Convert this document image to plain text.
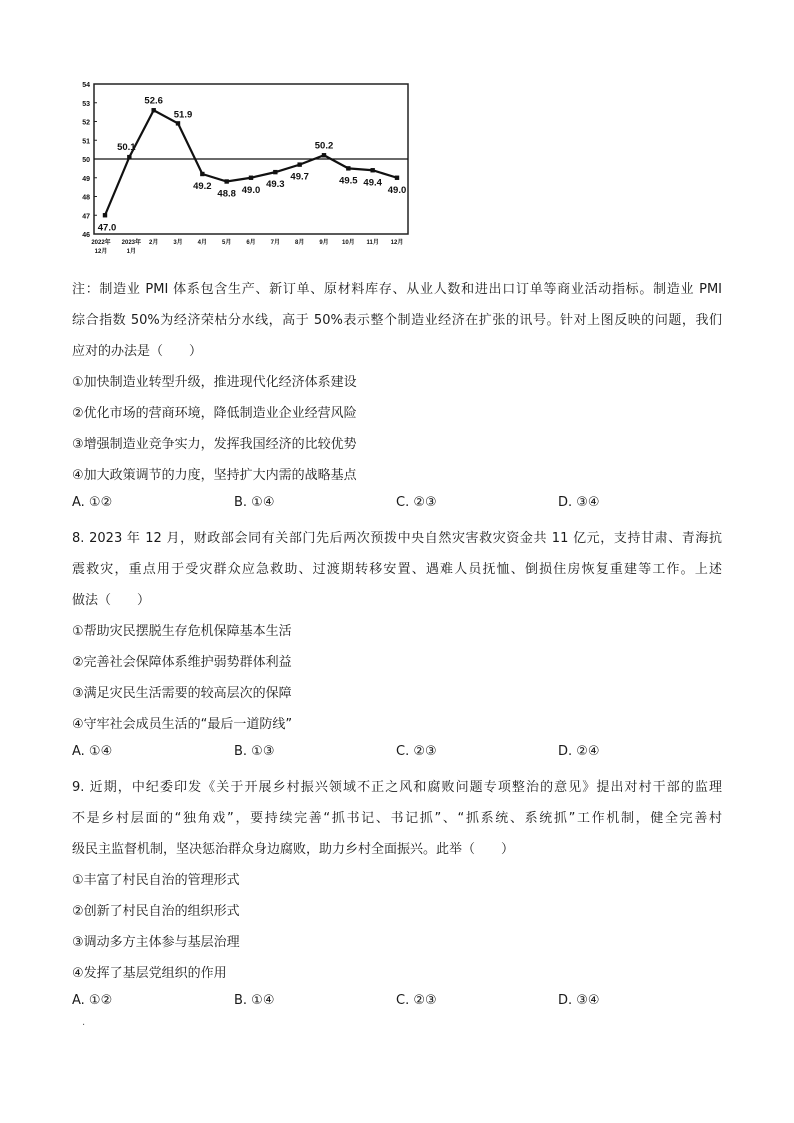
54
53
52
51
50
49
48
47
46
47.0
50.1
52.6
51.9
49.2
48.8 49.0
49.3
49.7
50.2
49.5 49.4
49.0
2022年 2023年 2月 3月 4月 5月 6月 7月 8月 9月 10月 11月 12月
12月	1月
注：制造业 PMI 体系包含生产、新订单、原材料库存、从业人数和进出口订单等商业活动指标。制造业 PMI
综合指数 50%为经济荣枯分水线，高于 50%表示整个制造业经济在扩张的讯号。针对上图反映的问题，我们
应对的办法是（　　）
①加快制造业转型升级，推进现代化经济体系建设
②优化市场的营商环境，降低制造业企业经营风险
③增强制造业竞争实力，发挥我国经济的比较优势
④加大政策调节的力度，坚持扩大内需的战略基点
A. ①②	B. ①④	C. ②③	D. ③④
8. 2023 年 12 月，财政部会同有关部门先后两次预拨中央自然灾害救灾资金共 11 亿元，支持甘肃、青海抗
震救灾，重点用于受灾群众应急救助、过渡期转移安置、遇难人员抚恤、倒损住房恢复重建等工作。上述
做法（　　）
①帮助灾民摆脱生存危机保障基本生活
②完善社会保障体系维护弱势群体利益
③满足灾民生活需要的较高层次的保障
④守牢社会成员生活的“最后一道防线”
A. ①④	B. ①③	C. ②③	D. ②④
9. 近期，中纪委印发《关于开展乡村振兴领域不正之风和腐败问题专项整治的意见》提出对村干部的监理
不是乡村层面的“独角戏”，要持续完善“抓书记、书记抓”、“抓系统、系统抓”工作机制，健全完善村
级民主监督机制，坚决惩治群众身边腐败，助力乡村全面振兴。此举（　　）
①丰富了村民自治的管理形式
②创新了村民自治的组织形式
③调动多方主体参与基层治理
④发挥了基层党组织的作用
A. ①②	B. ①④	C. ②③	D. ③④
·
